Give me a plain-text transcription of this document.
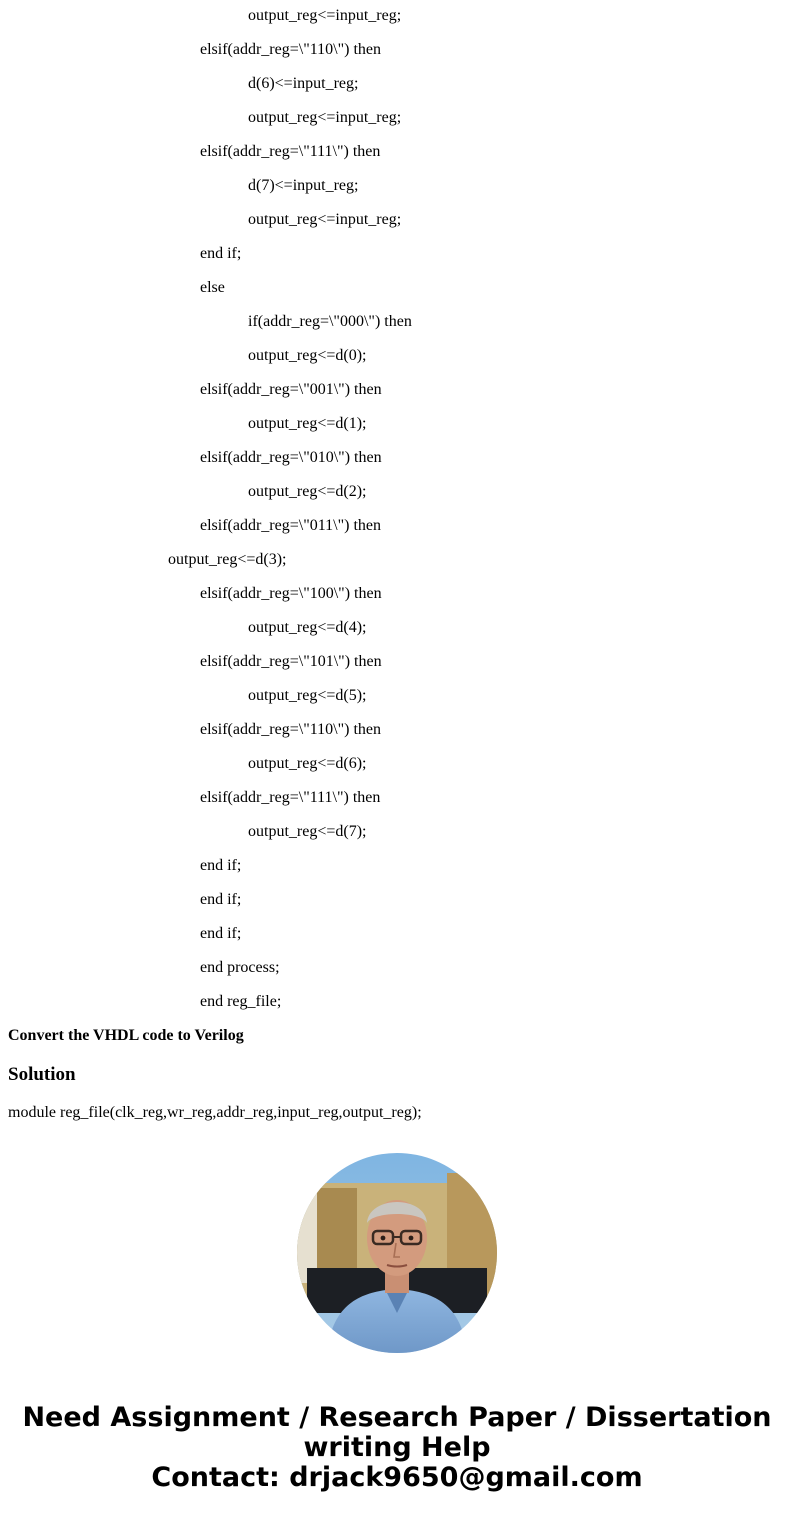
output_reg<=input_reg;
elsif(addr_reg=\"110\") then
d(6)<=input_reg;
output_reg<=input_reg;
elsif(addr_reg=\"111\") then
d(7)<=input_reg;
output_reg<=input_reg;
end if;
else
if(addr_reg=\"000\") then
output_reg<=d(0);
elsif(addr_reg=\"001\") then
output_reg<=d(1);
elsif(addr_reg=\"010\") then
output_reg<=d(2);
elsif(addr_reg=\"011\") then
output_reg<=d(3);
elsif(addr_reg=\"100\") then
output_reg<=d(4);
elsif(addr_reg=\"101\") then
output_reg<=d(5);
elsif(addr_reg=\"110\") then
output_reg<=d(6);
elsif(addr_reg=\"111\") then
output_reg<=d(7);
end if;
end if;
end if;
end process;
end reg_file;
Convert the VHDL code to Verilog
Solution
module reg_file(clk_reg,wr_reg,addr_reg,input_reg,output_reg);
Need Assignment / Research Paper / Dissertation
writing Help
Contact: drjack9650@gmail.com
